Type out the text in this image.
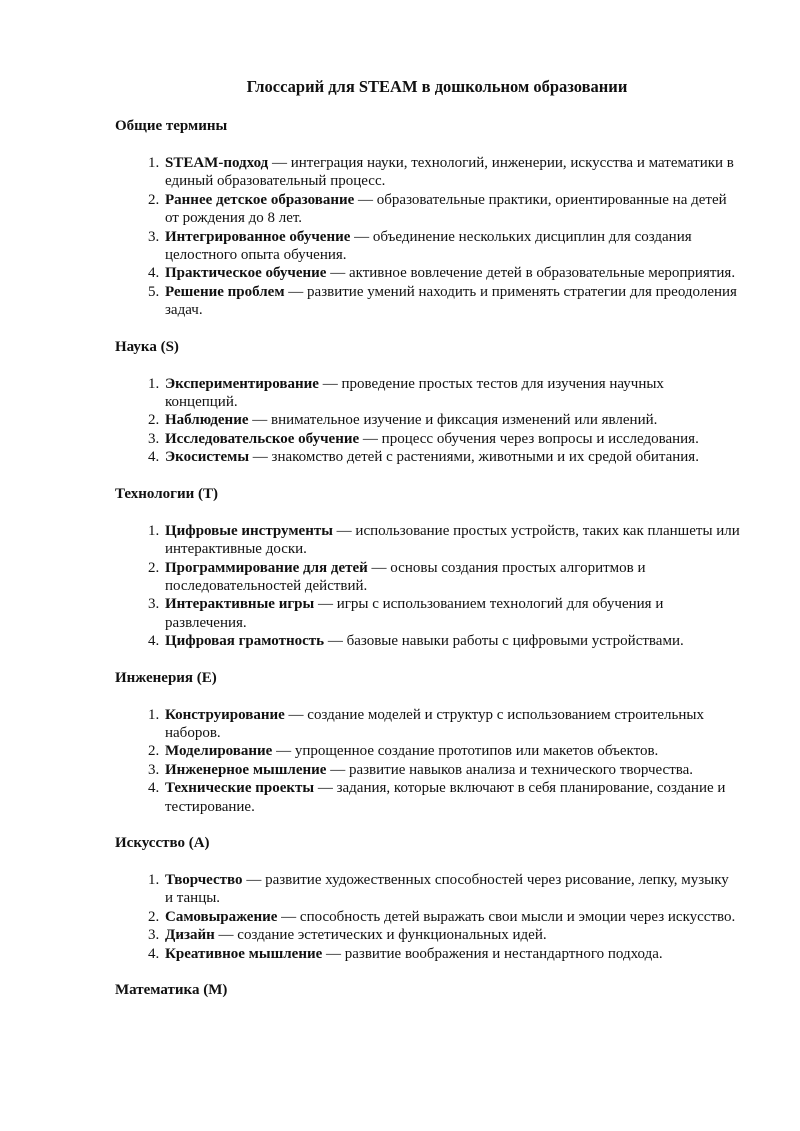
Глоссарий для STEAM в дошкольном образовании
Общие термины
1. STEAM-подход — интеграция науки, технологий, инженерии, искусства и математики в единый образовательный процесс.
2. Раннее детское образование — образовательные практики, ориентированные на детей от рождения до 8 лет.
3. Интегрированное обучение — объединение нескольких дисциплин для создания целостного опыта обучения.
4. Практическое обучение — активное вовлечение детей в образовательные мероприятия.
5. Решение проблем — развитие умений находить и применять стратегии для преодоления задач.
Наука (S)
1. Экспериментирование — проведение простых тестов для изучения научных концепций.
2. Наблюдение — внимательное изучение и фиксация изменений или явлений.
3. Исследовательское обучение — процесс обучения через вопросы и исследования.
4. Экосистемы — знакомство детей с растениями, животными и их средой обитания.
Технологии (T)
1. Цифровые инструменты — использование простых устройств, таких как планшеты или интерактивные доски.
2. Программирование для детей — основы создания простых алгоритмов и последовательностей действий.
3. Интерактивные игры — игры с использованием технологий для обучения и развлечения.
4. Цифровая грамотность — базовые навыки работы с цифровыми устройствами.
Инженерия (E)
1. Конструирование — создание моделей и структур с использованием строительных наборов.
2. Моделирование — упрощенное создание прототипов или макетов объектов.
3. Инженерное мышление — развитие навыков анализа и технического творчества.
4. Технические проекты — задания, которые включают в себя планирование, создание и тестирование.
Искусство (A)
1. Творчество — развитие художественных способностей через рисование, лепку, музыку и танцы.
2. Самовыражение — способность детей выражать свои мысли и эмоции через искусство.
3. Дизайн — создание эстетических и функциональных идей.
4. Креативное мышление — развитие воображения и нестандартного подхода.
Математика (M)
